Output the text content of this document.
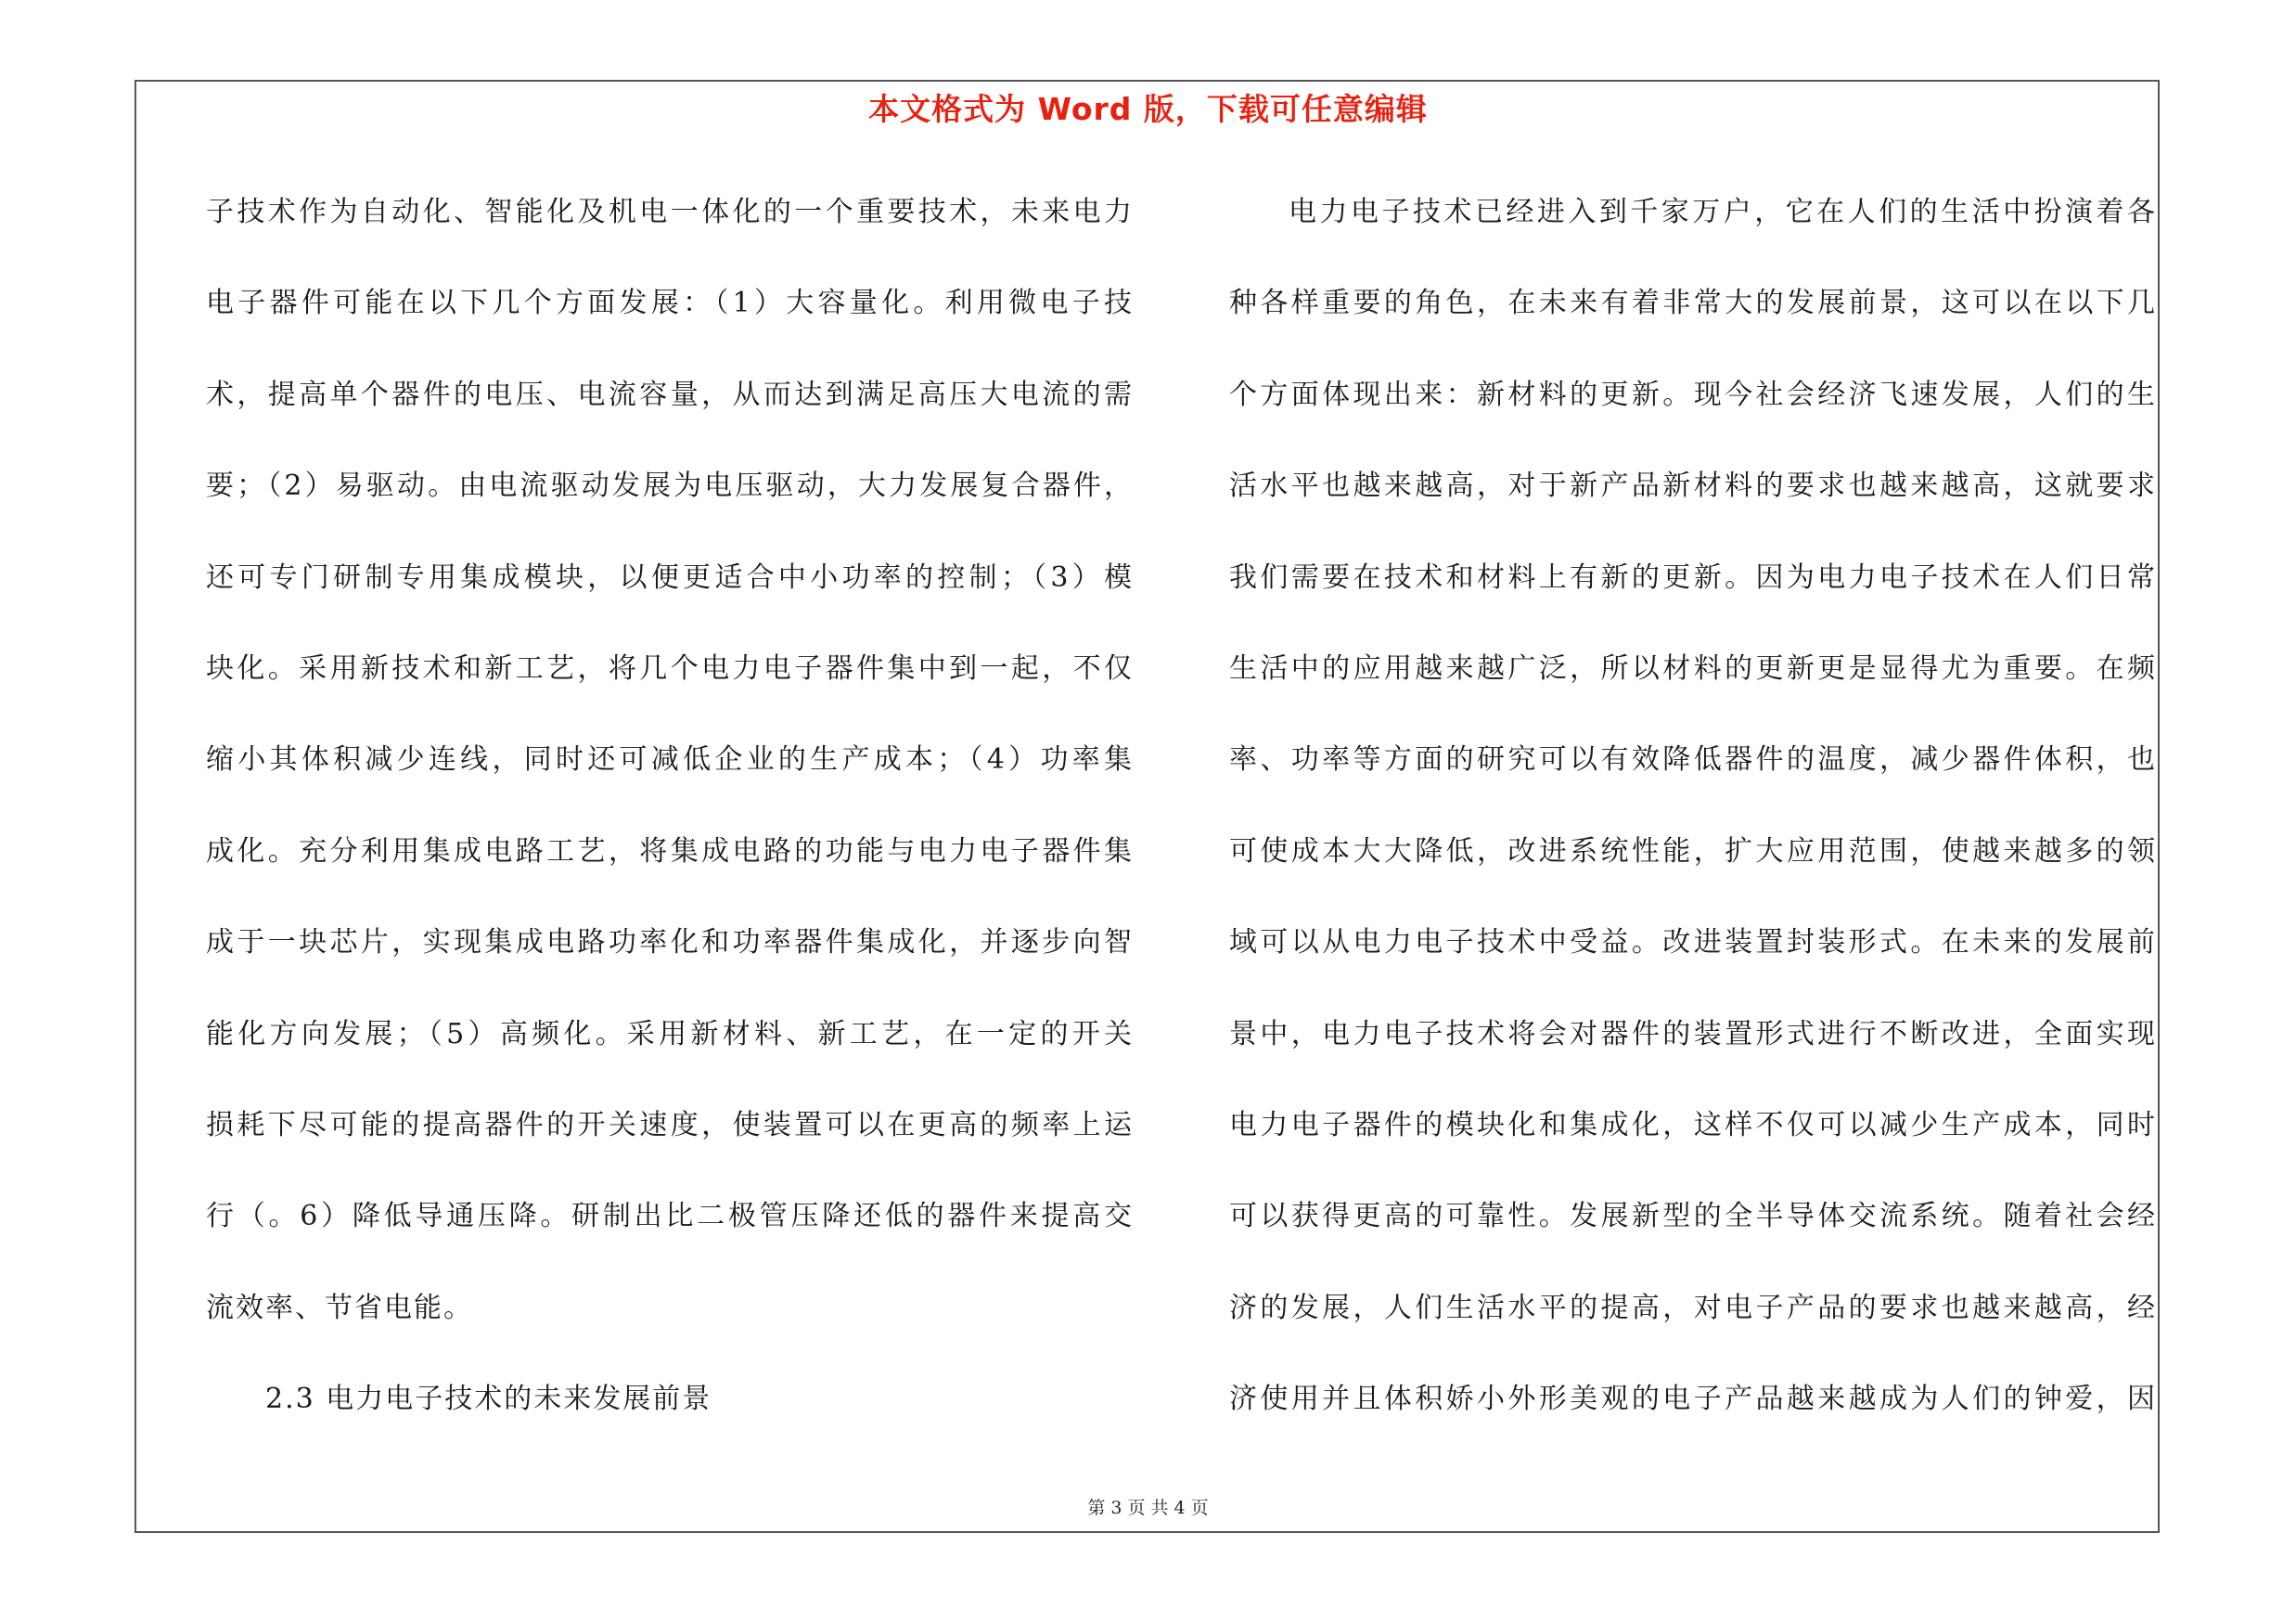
本文格式为 Word 版，下载可任意编辑
子技术作为自动化、智能化及机电一体化的一个重要技术，未来电力
电子器件可能在以下几个方面发展：（1）大容量化。利用微电子技
术，提高单个器件的电压、电流容量，从而达到满足高压大电流的需
要；（2）易驱动。由电流驱动发展为电压驱动，大力发展复合器件，
还可专门研制专用集成模块，以便更适合中小功率的控制；（3）模
块化。采用新技术和新工艺，将几个电力电子器件集中到一起，不仅
缩小其体积减少连线，同时还可减低企业的生产成本；（4）功率集
成化。充分利用集成电路工艺，将集成电路的功能与电力电子器件集
成于一块芯片，实现集成电路功率化和功率器件集成化，并逐步向智
能化方向发展；（5）高频化。采用新材料、新工艺，在一定的开关
损耗下尽可能的提高器件的开关速度，使装置可以在更高的频率上运
行（。6）降低导通压降。研制出比二极管压降还低的器件来提高交
流效率、节省电能。
2.3 电力电子技术的未来发展前景
电力电子技术已经进入到千家万户，它在人们的生活中扮演着各
种各样重要的角色，在未来有着非常大的发展前景，这可以在以下几
个方面体现出来：新材料的更新。现今社会经济飞速发展，人们的生
活水平也越来越高，对于新产品新材料的要求也越来越高，这就要求
我们需要在技术和材料上有新的更新。因为电力电子技术在人们日常
生活中的应用越来越广泛，所以材料的更新更是显得尤为重要。在频
率、功率等方面的研究可以有效降低器件的温度，减少器件体积，也
可使成本大大降低，改进系统性能，扩大应用范围，使越来越多的领
域可以从电力电子技术中受益。改进装置封装形式。在未来的发展前
景中，电力电子技术将会对器件的装置形式进行不断改进，全面实现
电力电子器件的模块化和集成化，这样不仅可以减少生产成本，同时
可以获得更高的可靠性。发展新型的全半导体交流系统。随着社会经
济的发展，人们生活水平的提高，对电子产品的要求也越来越高，经
济使用并且体积娇小外形美观的电子产品越来越成为人们的钟爱，因
第 3 页 共 4 页
